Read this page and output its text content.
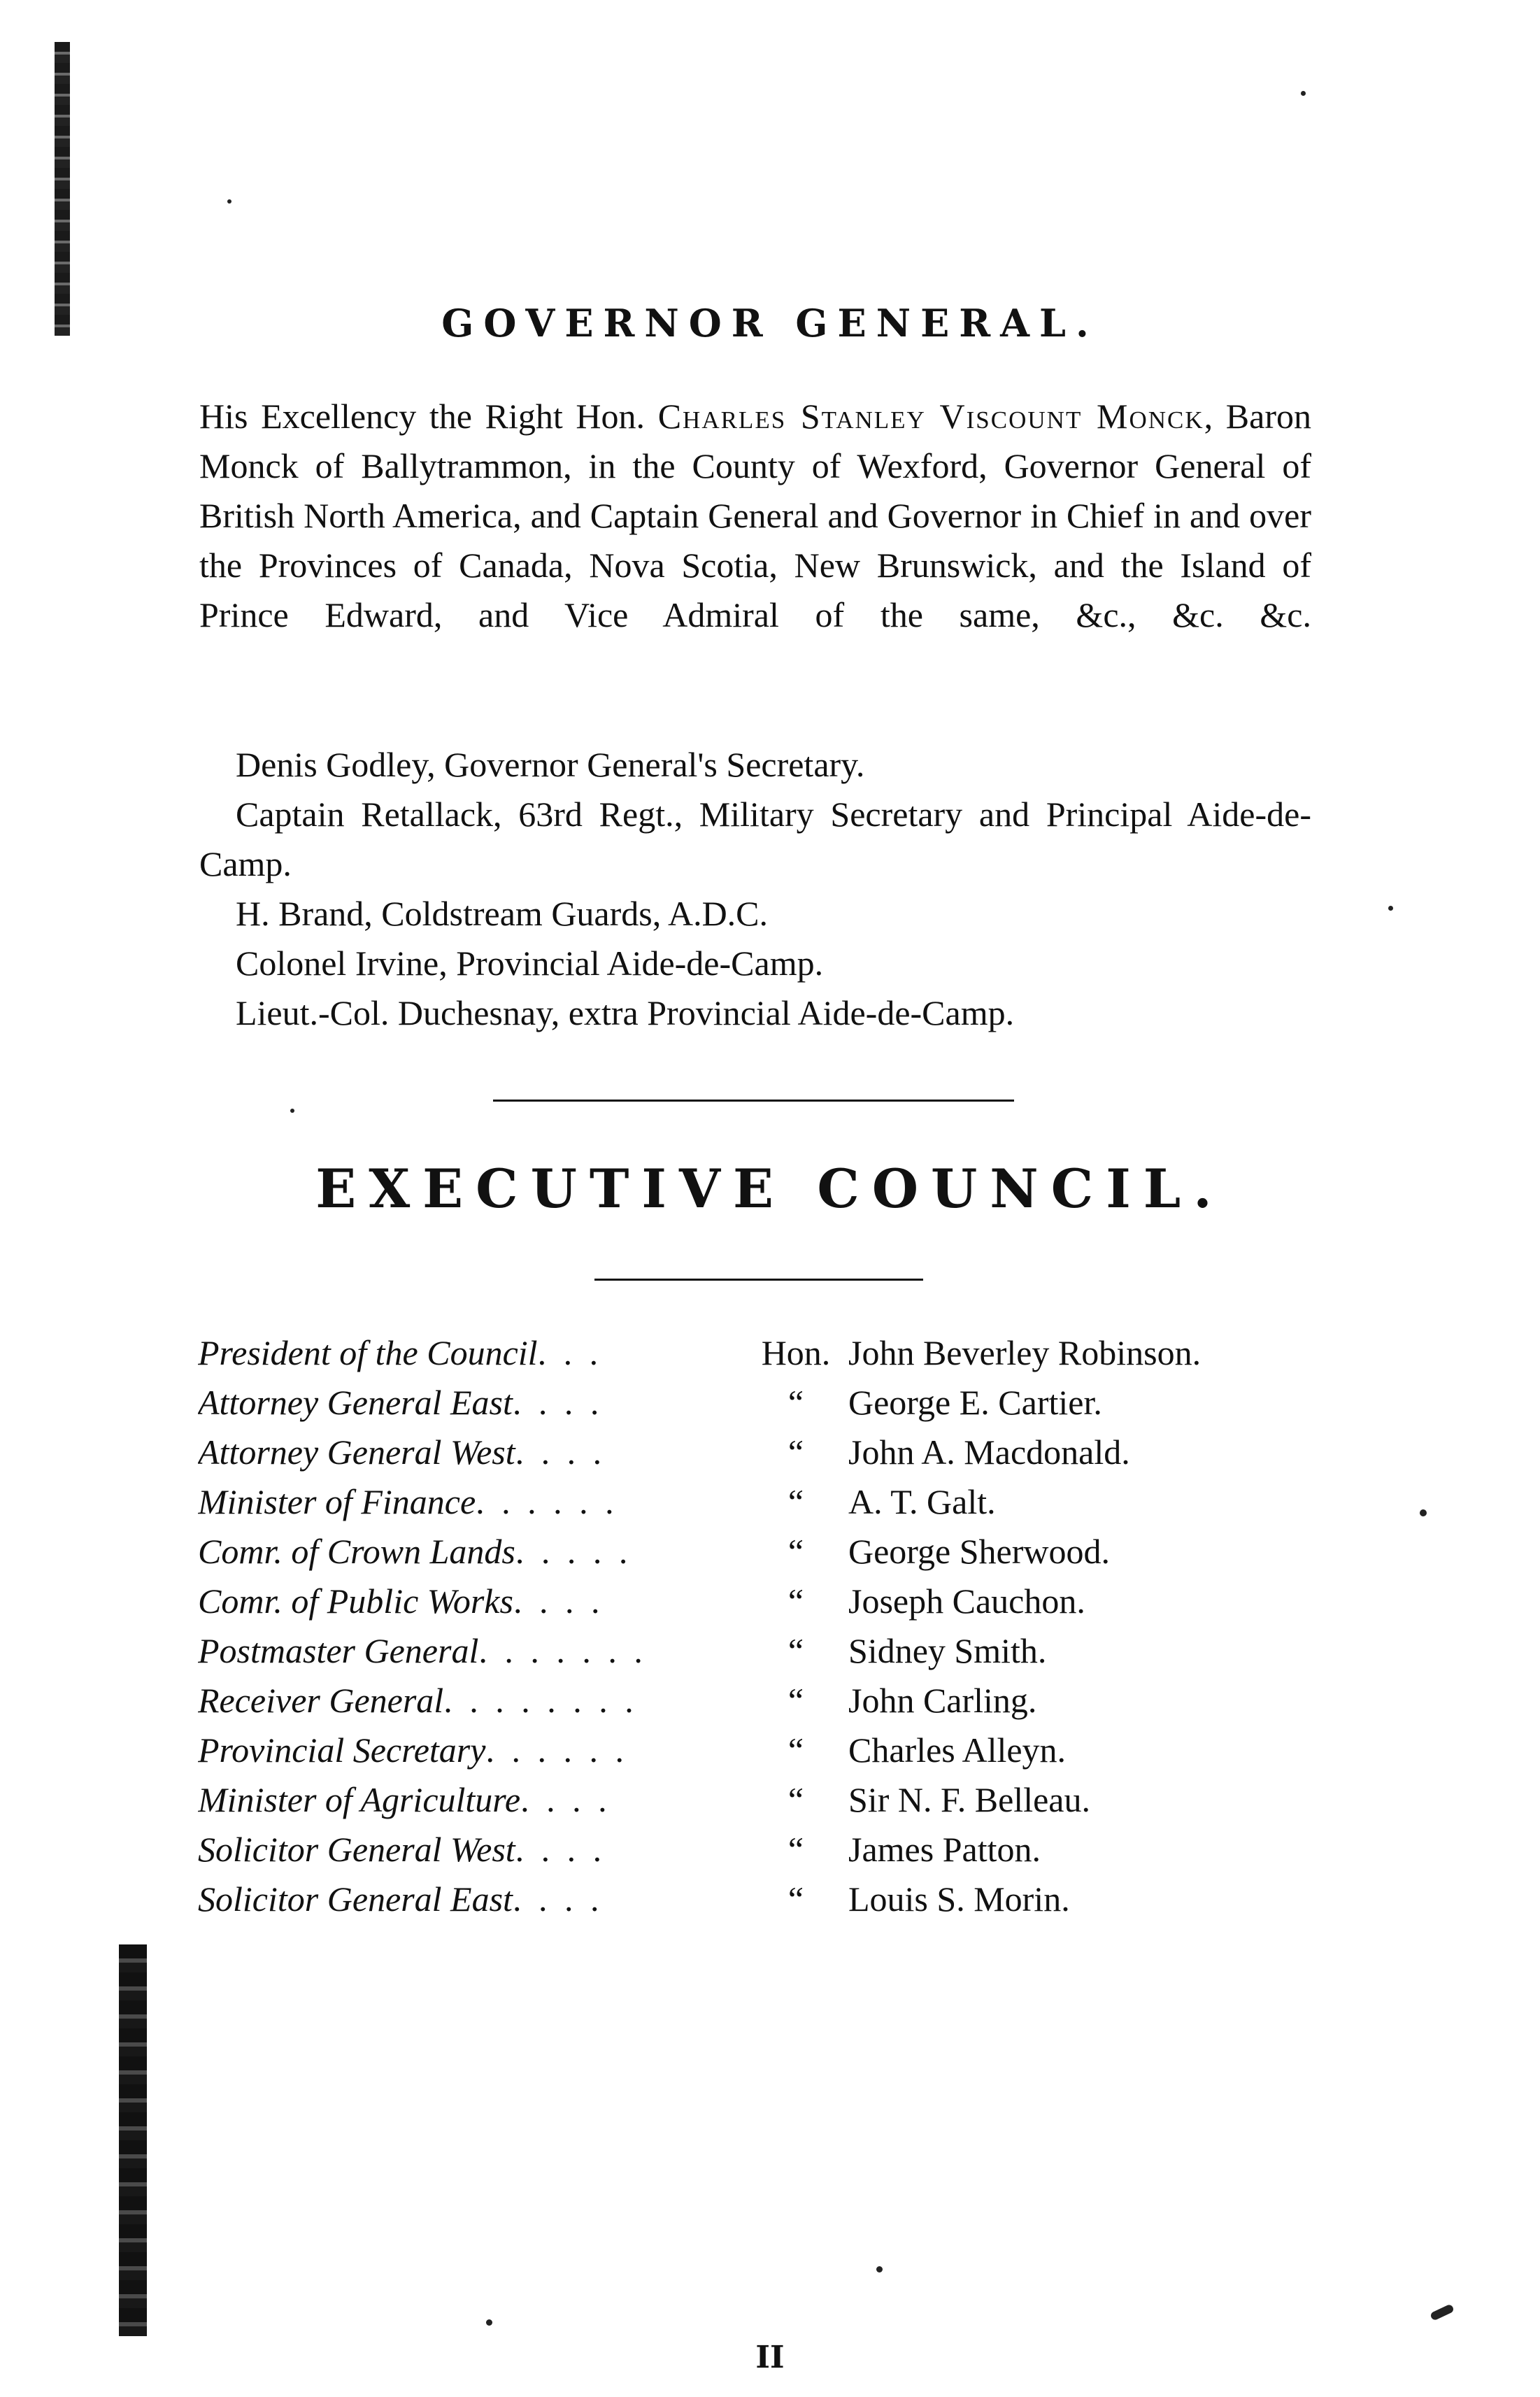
GOVERNOR GENERAL.
His Excellency the Right Hon. Charles Stanley Viscount Monck, Baron Monck of Ballytrammon, in the County of Wexford, Governor General of British North America, and Captain General and Governor in Chief in and over the Provinces of Canada, Nova Scotia, New Brunswick, and the Island of Prince Edward, and Vice Admiral of the same, &c., &c. &c.
Denis Godley, Governor General's Secretary.
Captain Retallack, 63rd Regt., Military Secretary and Principal Aide-de-Camp.
H. Brand, Coldstream Guards, A.D.C.
Colonel Irvine, Provincial Aide-de-Camp.
Lieut.-Col. Duchesnay, extra Provincial Aide-de-Camp.
EXECUTIVE COUNCIL.
President of the Council. . .	Hon. John Beverley Robinson.
Attorney General East. . . .	“	George E. Cartier.
Attorney General West. . . .	“	John A. Macdonald.
Minister of Finance. . . . . .	“	A. T. Galt.
Comr. of Crown Lands. . . . .	“	George Sherwood.
Comr. of Public Works. . . .	“	Joseph Cauchon.
Postmaster General. . . . . . .	“	Sidney Smith.
Receiver General. . . . . . . .	“	John Carling.
Provincial Secretary. . . . . .	“	Charles Alleyn.
Minister of Agriculture. . . .	“	Sir N. F. Belleau.
Solicitor General West. . . .	“	James Patton.
Solicitor General East. . . .	“	Louis S. Morin.
II
